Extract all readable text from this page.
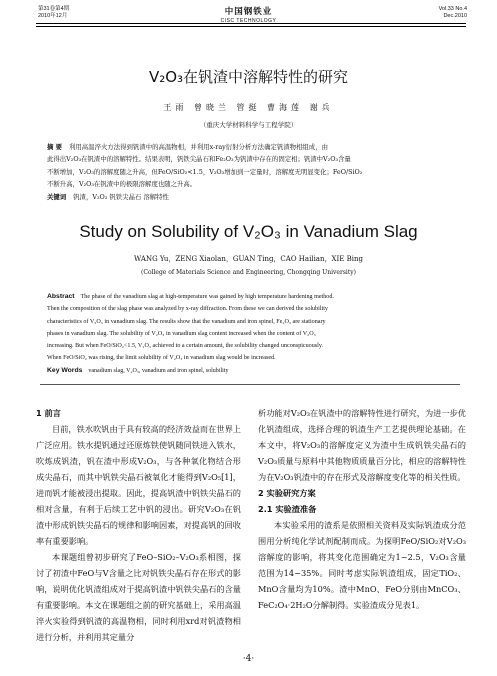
第31卷第4期
2010年12月	中国钢铁业
CISC TECHNOLOGY
Vol.33 No.4
Dec.2010
V₂O₃在钒渣中溶解特性的研究
王雨 曾晓兰 管挺 曹海莲 谢兵
（重庆大学材料科学与工程学院）

摘 要 利用高温淬火方法得到钒渣中的高温物相，并利用x-ray衍射分析方法确定钒渣物相组成，由

此得出V₂O₃在钒渣中的溶解特性。结果表明，钒铁尖晶石和Fe₂O₃为钒渣中存在的固定相；钒渣中V₂O₃含量

不断增加，V₂O₃的溶解度随之升高，但FeO/SiO₂<1.5，V₂O₃增加到一定量时，溶解度无明显变化；FeO/SiO₂

不断升高，V₂O₃在钒渣中的极限溶解度也随之升高。

关键词 钒渣，V₂O₃ 钒铁尖晶石 溶解特性

Study on Solubility of V₂O₃ in Vanadium Slag
WANG Yu，ZENG Xiaolan，GUAN Ting，CAO Hailian，XIE Bing
(College of Materials Science and Engineering, Chongqing University)

Abstract The phase of the vanadium slag at high-temperature was gained by high temperature hardening method.

Then the composition of the slag phase was analyzed by x-ray diffraction. From these we can derived the solubility

characteristics of V₂O₃ in vanadium slag. The results show that the vanadium and iron spinel, Fe₂O₃ are stationary

phases in vanadium slag. The solubility of V₂O₃ in vanadium slag content increased when the content of V₂O₃

increasing. But when FeO/SiO₂<1.5, V₂O₃ achieved to a certain amount, the solubility changed unconspicuously.

When FeO/SiO₂ was rising, the limit solubility of V₂O₃ in vanadium slag would be increased.

Key Words vanadium slag, V₂O₃, vanadium and iron spinel, solubility

1 前言

目前，铁水吹钒由于具有较高的经济效益而在世界上广泛应用。铁水提钒通过还原炼铁使钒随同铁进入铁水，吹炼成钒渣，钒在渣中形成V₂O₃，与各种氧化物结合形成尖晶石，而其中钒铁尖晶石被氧化才能得到V₂O₅[1]，进而钒才能被浸出提取。因此，提高钒渣中钒铁尖晶石的相对含量，有利于后续工艺中钒的浸出。研究V₂O₃在钒渣中形成钒铁尖晶石的规律和影响因素，对提高钒的回收率有重要影响。

本课题组曾初步研究了FeO–SiO₂–V₂O₃系相图，探讨了初渣中FeO与V含量之比对钒铁尖晶石存在形式的影响，说明优化钒渣组成对于提高钒渣中钒铁尖晶石的含量有重要影响。本文在课题组之前的研究基础上，采用高温淬火实验得到钒渣的高温物相，同时利用xrd对钒渣物相进行分析，并利用其定量分

析功能对V₂O₃在钒渣中的溶解特性进行研究，为进一步优化钒渣组成，选择合理的钒渣生产工艺提供理论基础。在本文中，将V₂O₃的溶解度定义为渣中生成钒铁尖晶石的V₂O₃质量与原料中其他物质质量百分比，相应的溶解特性为在V₂O₃钒渣中的存在形式及溶解度变化等的相关性质。

2 实验研究方案

2.1 实验渣准备

本实验采用的渣系是依照相关资料及实际钒渣成分范围用分析纯化学试剂配制而成。为探明FeO/SiO₂对V₂O₃溶解度的影响，将其变化范围确定为1~2.5，V₂O₃含量范围为14~35%。同时考虑实际钒渣组成，固定TiO₂、MnO含量均为10%。渣中MnO、FeO分别由MnCO₃、FeC₂O₄·2H₂O分解制得。实验渣成分见表1。

·4·
